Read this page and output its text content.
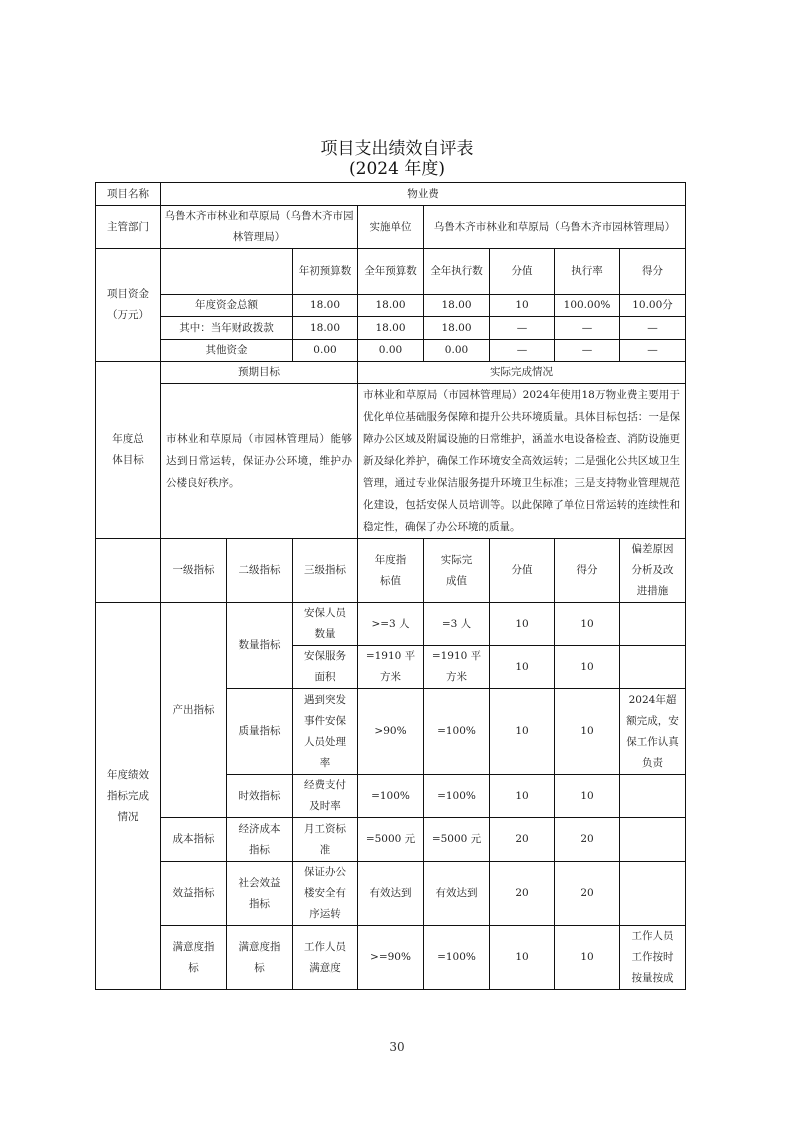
项目支出绩效自评表
(2024 年度)
项目名称	物业费							
主管部门	乌鲁木齐市林业和草原局（乌鲁木齐市园林管理局）			实施单位	乌鲁木齐市林业和草原局（乌鲁木齐市园林管理局）			
项目资金（万元）			年初预算数	全年预算数	全年执行数	分值	执行率	得分
	年度资金总额		18.00	18.00	18.00	10	100.00%	10.00分
	其中：当年财政拨款		18.00	18.00	18.00	—	—	—
	其他资金		0.00	0.00	0.00	—	—	—
年度总体目标	预期目标			实际完成情况				
	市林业和草原局（市园林管理局）能够达到日常运转，保证办公环境，维护办公楼良好秩序。			市林业和草原局（市园林管理局）2024年使用18万物业费主要用于优化单位基础服务保障和提升公共环境质量。具体目标包括：一是保障办公区域及附属设施的日常维护，涵盖水电设备检查、消防设施更新及绿化养护，确保工作环境安全高效运转；二是强化公共区域卫生管理，通过专业保洁服务提升环境卫生标准；三是支持物业管理规范化建设，包括安保人员培训等。以此保障了单位日常运转的连续性和稳定性，确保了办公环境的质量。				
	一级指标	二级指标	三级指标	年度指标值	实际完成值	分值	得分	偏差原因分析及改进措施
年度绩效指标完成情况	产出指标	数量指标	安保人员数量	>=3 人	=3 人	10	10	
			安保服务面积	=1910 平方米	=1910 平方米	10	10	
		质量指标	遇到突发事件安保人员处理率	>90%	=100%	10	10	2024年超额完成，安保工作认真负责
		时效指标	经费支付及时率	=100%	=100%	10	10	
	成本指标	经济成本指标	月工资标准	=5000 元	=5000 元	20	20	
	效益指标	社会效益指标	保证办公楼安全有序运转	有效达到	有效达到	20	20	
	满意度指标	满意度指标	工作人员满意度	>=90%	=100%	10	10	工作人员工作按时按量按成
30
